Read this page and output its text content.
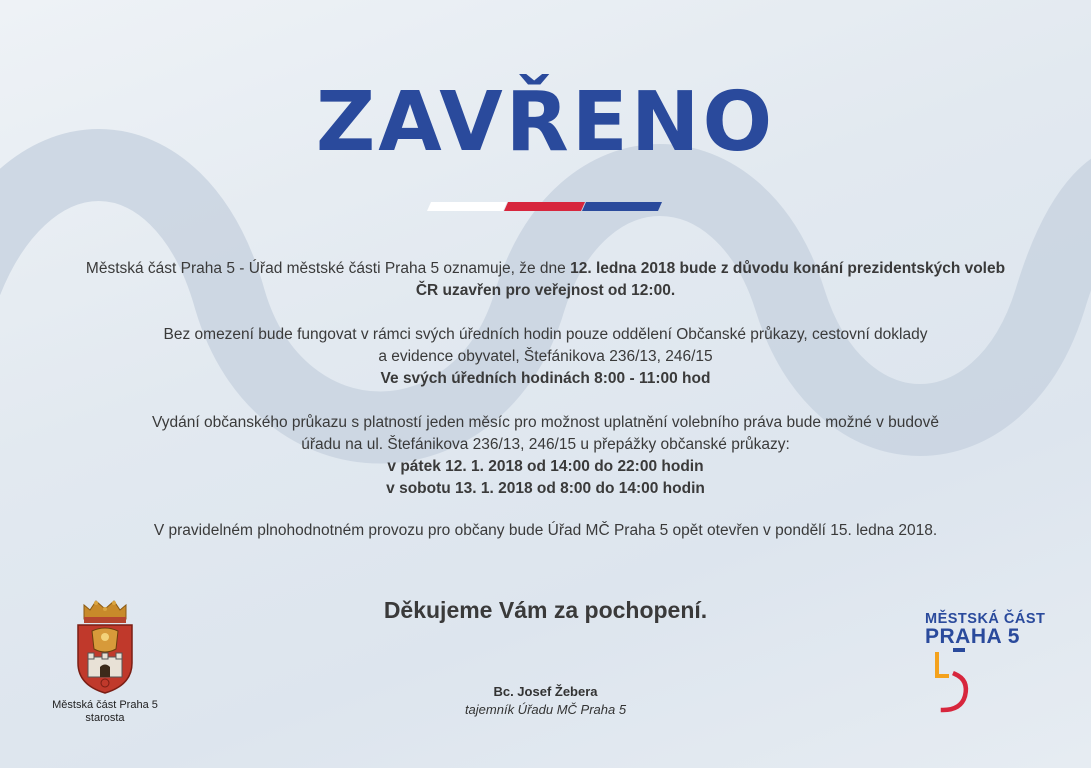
ZAVŘENO
Městská část Praha 5 - Úřad městské části Praha 5 oznamuje, že dne 12. ledna 2018 bude z důvodu konání prezidentských voleb ČR uzavřen pro veřejnost od 12:00.
Bez omezení bude fungovat v rámci svých úředních hodin pouze oddělení Občanské průkazy, cestovní doklady
a evidence obyvatel, Štefánikova 236/13, 246/15
Ve svých úředních hodinách 8:00 - 11:00 hod
Vydání občanského průkazu s platností jeden měsíc pro možnost uplatnění volebního práva bude možné v budově
úřadu na ul. Štefánikova 236/13, 246/15 u přepážky občanské průkazy:
v pátek 12. 1. 2018 od 14:00 do 22:00 hodin
v sobotu 13. 1. 2018 od 8:00 do 14:00 hodin
V pravidelném plnohodnotném provozu pro občany bude Úřad MČ Praha 5 opět otevřen v pondělí 15. ledna 2018.
Děkujeme Vám za pochopení.
Bc. Josef Žebera
tajemník Úřadu MČ Praha 5
Městská část Praha 5
starosta
MĚSTSKÁ ČÁST
PRAHA 5
